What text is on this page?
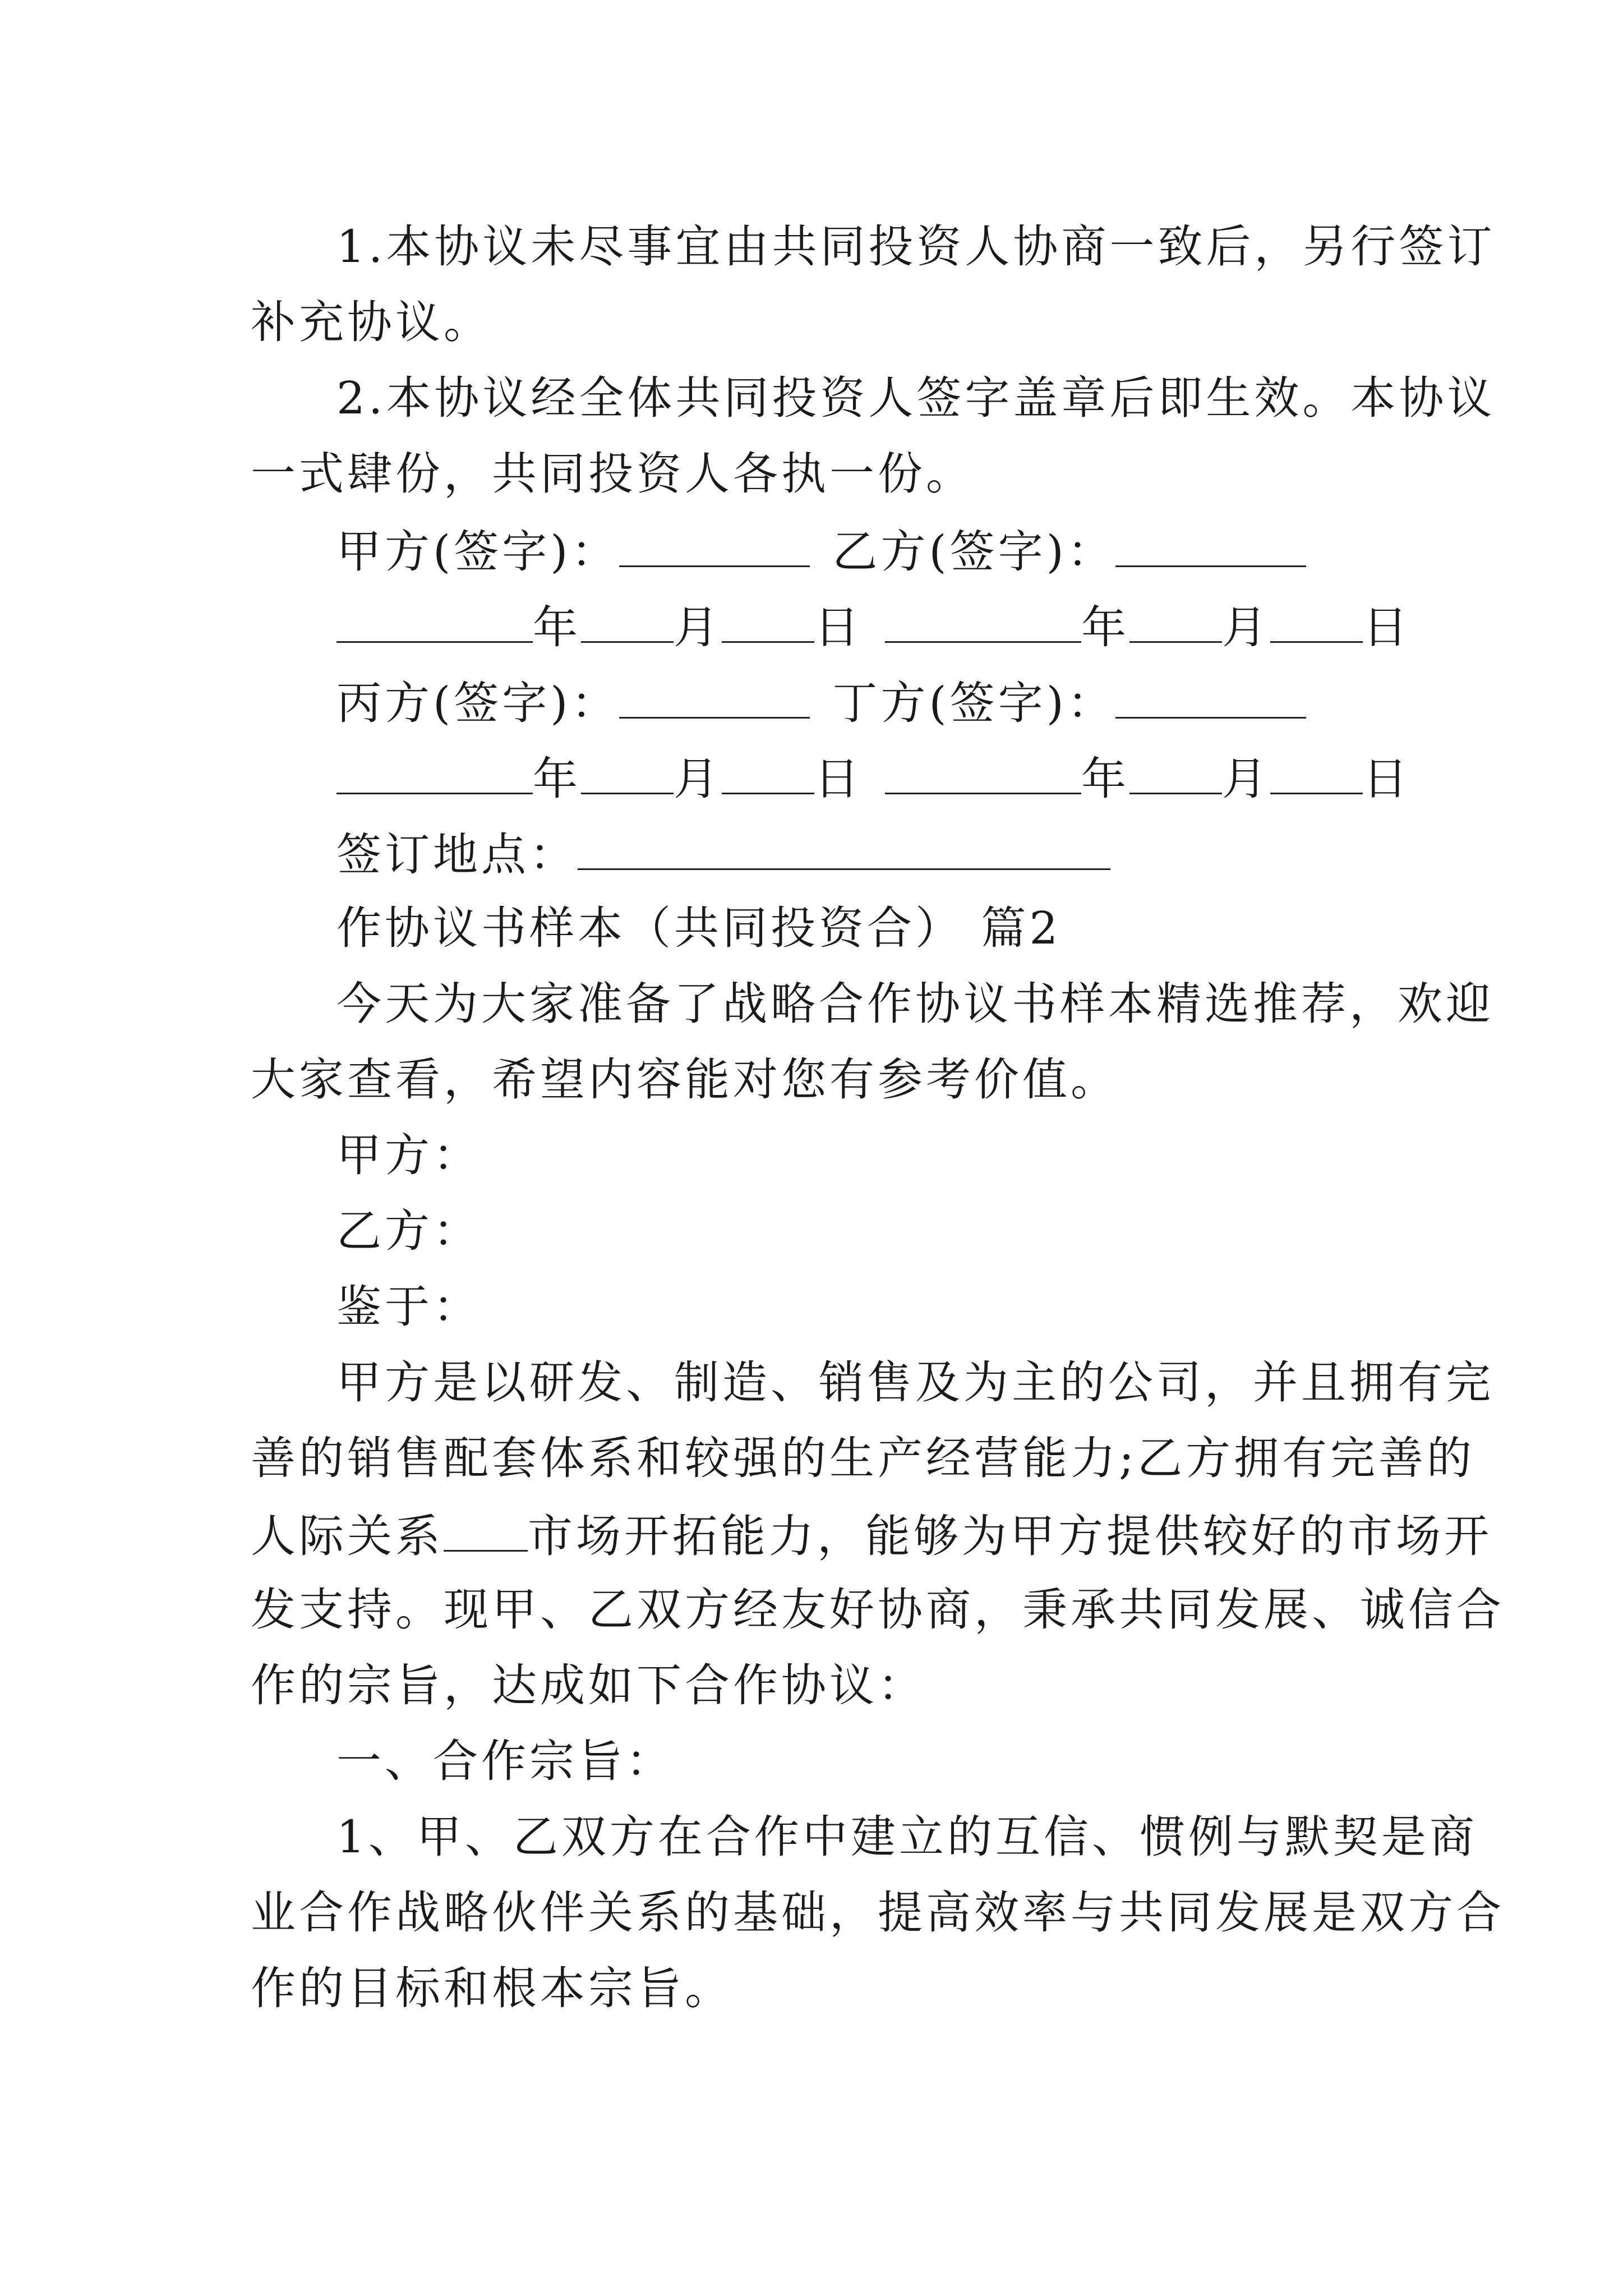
1.本协议未尽事宜由共同投资人协商一致后，另行签订
补充协议。
2.本协议经全体共同投资人签字盖章后即生效。本协议
一式肆份，共同投资人各执一份。
甲方(签字)：	乙方(签字)：
年 月 日	年 月 日
丙方(签字)：	丁方(签字)：
年 月 日	年 月 日
签订地点：
作协议书样本（共同投资合） 篇2
今天为大家准备了战略合作协议书样本精选推荐，欢迎
大家查看，希望内容能对您有参考价值。
甲方：
乙方：
鉴于：
甲方是以研发、制造、销售及为主的公司，并且拥有完
善的销售配套体系和较强的生产经营能力;乙方拥有完善的
人际关系 市场开拓能力，能够为甲方提供较好的市场开
发支持。现甲、乙双方经友好协商，秉承共同发展、诚信合
作的宗旨，达成如下合作协议：
一、合作宗旨：
1、甲、乙双方在合作中建立的互信、惯例与默契是商
业合作战略伙伴关系的基础，提高效率与共同发展是双方合
作的目标和根本宗旨。
